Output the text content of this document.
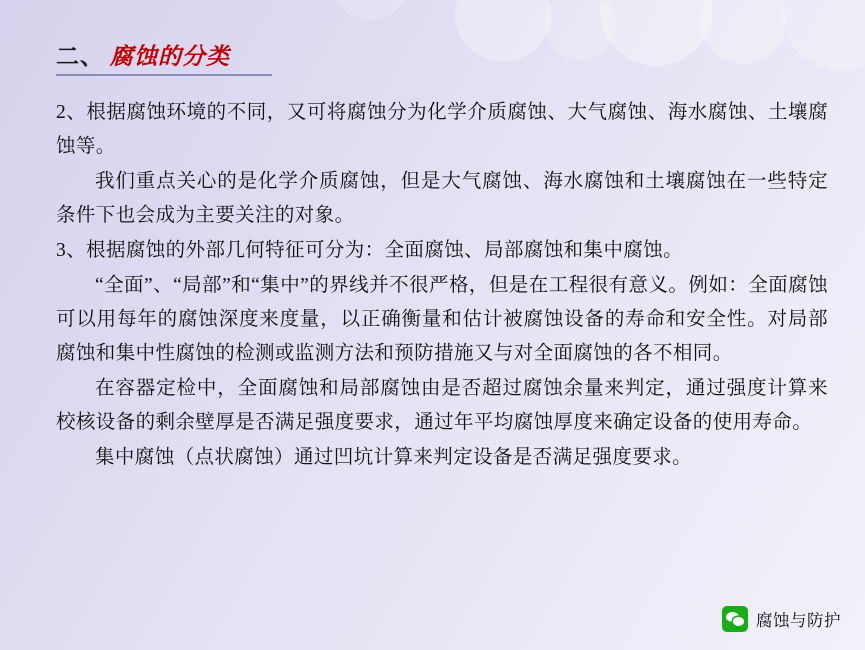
二、 腐蚀的分类

2、根据腐蚀环境的不同，又可将腐蚀分为化学介质腐蚀、大气腐蚀、海水腐蚀、土壤腐蚀等。

我们重点关心的是化学介质腐蚀，但是大气腐蚀、海水腐蚀和土壤腐蚀在一些特定条件下也会成为主要关注的对象。

3、根据腐蚀的外部几何特征可分为：全面腐蚀、局部腐蚀和集中腐蚀。

“全面”、“局部”和“集中”的界线并不很严格，但是在工程很有意义。例如：全面腐蚀可以用每年的腐蚀深度来度量，以正确衡量和估计被腐蚀设备的寿命和安全性。对局部腐蚀和集中性腐蚀的检测或监测方法和预防措施又与对全面腐蚀的各不相同。

在容器定检中，全面腐蚀和局部腐蚀由是否超过腐蚀余量来判定，通过强度计算来校核设备的剩余壁厚是否满足强度要求，通过年平均腐蚀厚度来确定设备的使用寿命。

集中腐蚀（点状腐蚀）通过凹坑计算来判定设备是否满足强度要求。

腐蚀与防护
